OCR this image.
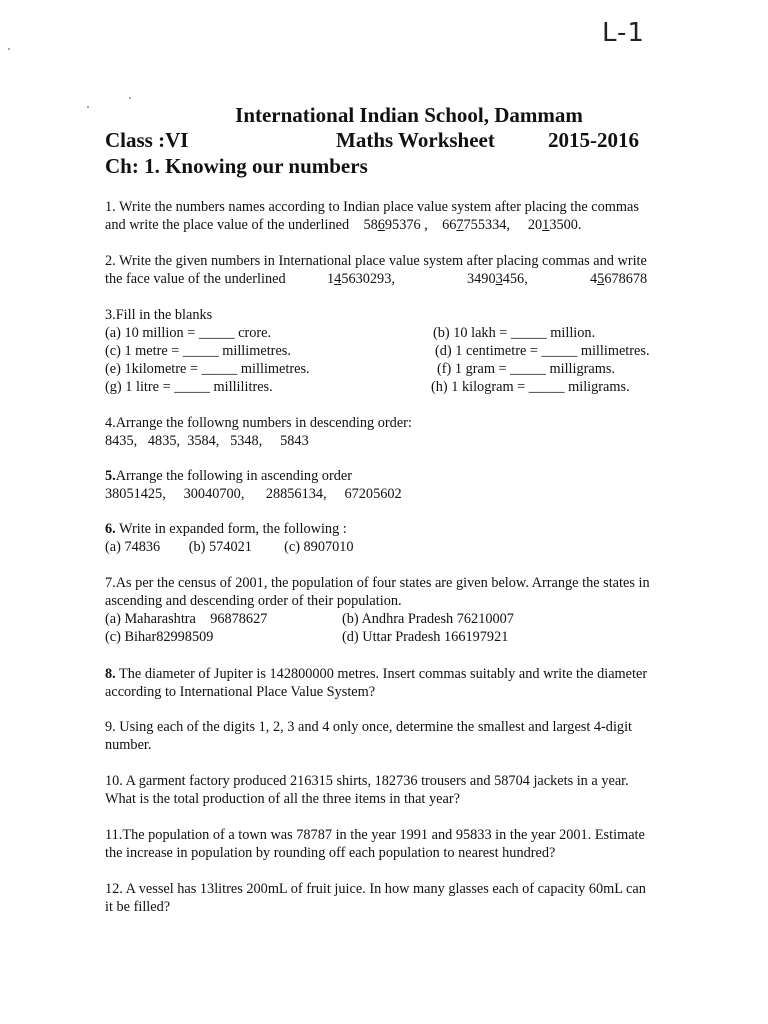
L-1
International Indian School, Dammam
Class :VI	Maths Worksheet	2015-2016
Ch: 1. Knowing our numbers
1. Write the numbers names according to Indian place value system after placing the commas
and write the place value of the underlined 58695376 , 667755334, 2013500.
2. Write the given numbers in International place value system after placing commas and write
the face value of the underlined	145630293,	34903456,	45678678
3.Fill in the blanks
(a) 10 million = _____ crore.	(b) 10 lakh = _____ million.
(c) 1 metre = _____ millimetres.	(d) 1 centimetre = _____ millimetres.
(e) 1kilometre = _____ millimetres.	(f) 1 gram = _____ milligrams.
(g) 1 litre = _____ millilitres.	(h) 1 kilogram = _____ miligrams.
4.Arrange the followng numbers in descending order:
8435,   4835,  3584,   5348,     5843
5.Arrange the following in ascending order
38051425,     30040700,      28856134,     67205602
6. Write in expanded form, the following :
(a) 74836        (b) 574021         (c) 8907010
7.As per the census of 2001, the population of four states are given below. Arrange the states in
ascending and descending order of their population.
(a) Maharashtra    96878627	(b) Andhra Pradesh 76210007
(c) Bihar82998509	(d) Uttar Pradesh 166197921
8. The diameter of Jupiter is 142800000 metres. Insert commas suitably and write the diameter
according to International Place Value System?
9. Using each of the digits 1, 2, 3 and 4 only once, determine the smallest and largest 4-digit
number.
10. A garment factory produced 216315 shirts, 182736 trousers and 58704 jackets in a year.
What is the total production of all the three items in that year?
11.The population of a town was 78787 in the year 1991 and 95833 in the year 2001. Estimate
the increase in population by rounding off each population to nearest hundred?
12. A vessel has 13litres 200mL of fruit juice. In how many glasses each of capacity 60mL can
it be filled?
